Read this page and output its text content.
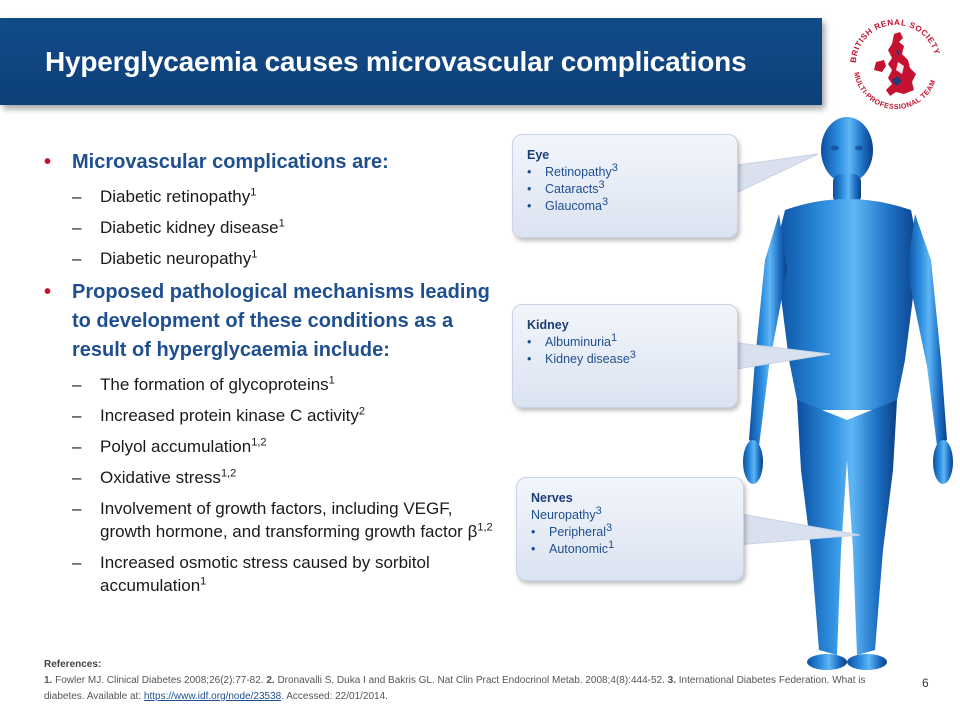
Hyperglycaemia causes microvascular complications	BRITISH RENAL SOCIETY
MULTI-PROFESSIONAL TEAM
• Microvascular complications are:
– Diabetic retinopathy$^1$
– Diabetic kidney disease$^1$
– Diabetic neuropathy$^1$
• Proposed pathological mechanisms leading to development of these conditions as a result of hyperglycaemia include:
– The formation of glycoproteins$^1$
– Increased protein kinase C activity$^2$
– Polyol accumulation$^{1,2}$
– Oxidative stress$^{1,2}$
– Involvement of growth factors, including VEGF, growth hormone, and transforming growth factor $\beta^{1,2}$
– Increased osmotic stress caused by sorbitol accumulation$^1$
Eye
• Retinopathy$^3$
• Cataracts$^3$
• Glaucoma$^3$
Kidney
• Albuminuria$^1$
• Kidney disease$^3$
Nerves
Neuropathy$^3$
• Peripheral$^3$
• Autonomic$^1$
References:
1. Fowler MJ. Clinical Diabetes 2008;26(2):77-82. 2. Dronavalli S, Duka I and Bakris GL. Nat Clin Pract Endocrinol Metab. 2008;4(8):444-52. 3. International Diabetes Federation. What is diabetes. Available at: https://www.idf.org/node/23538. Accessed: 22/01/2014.
6
